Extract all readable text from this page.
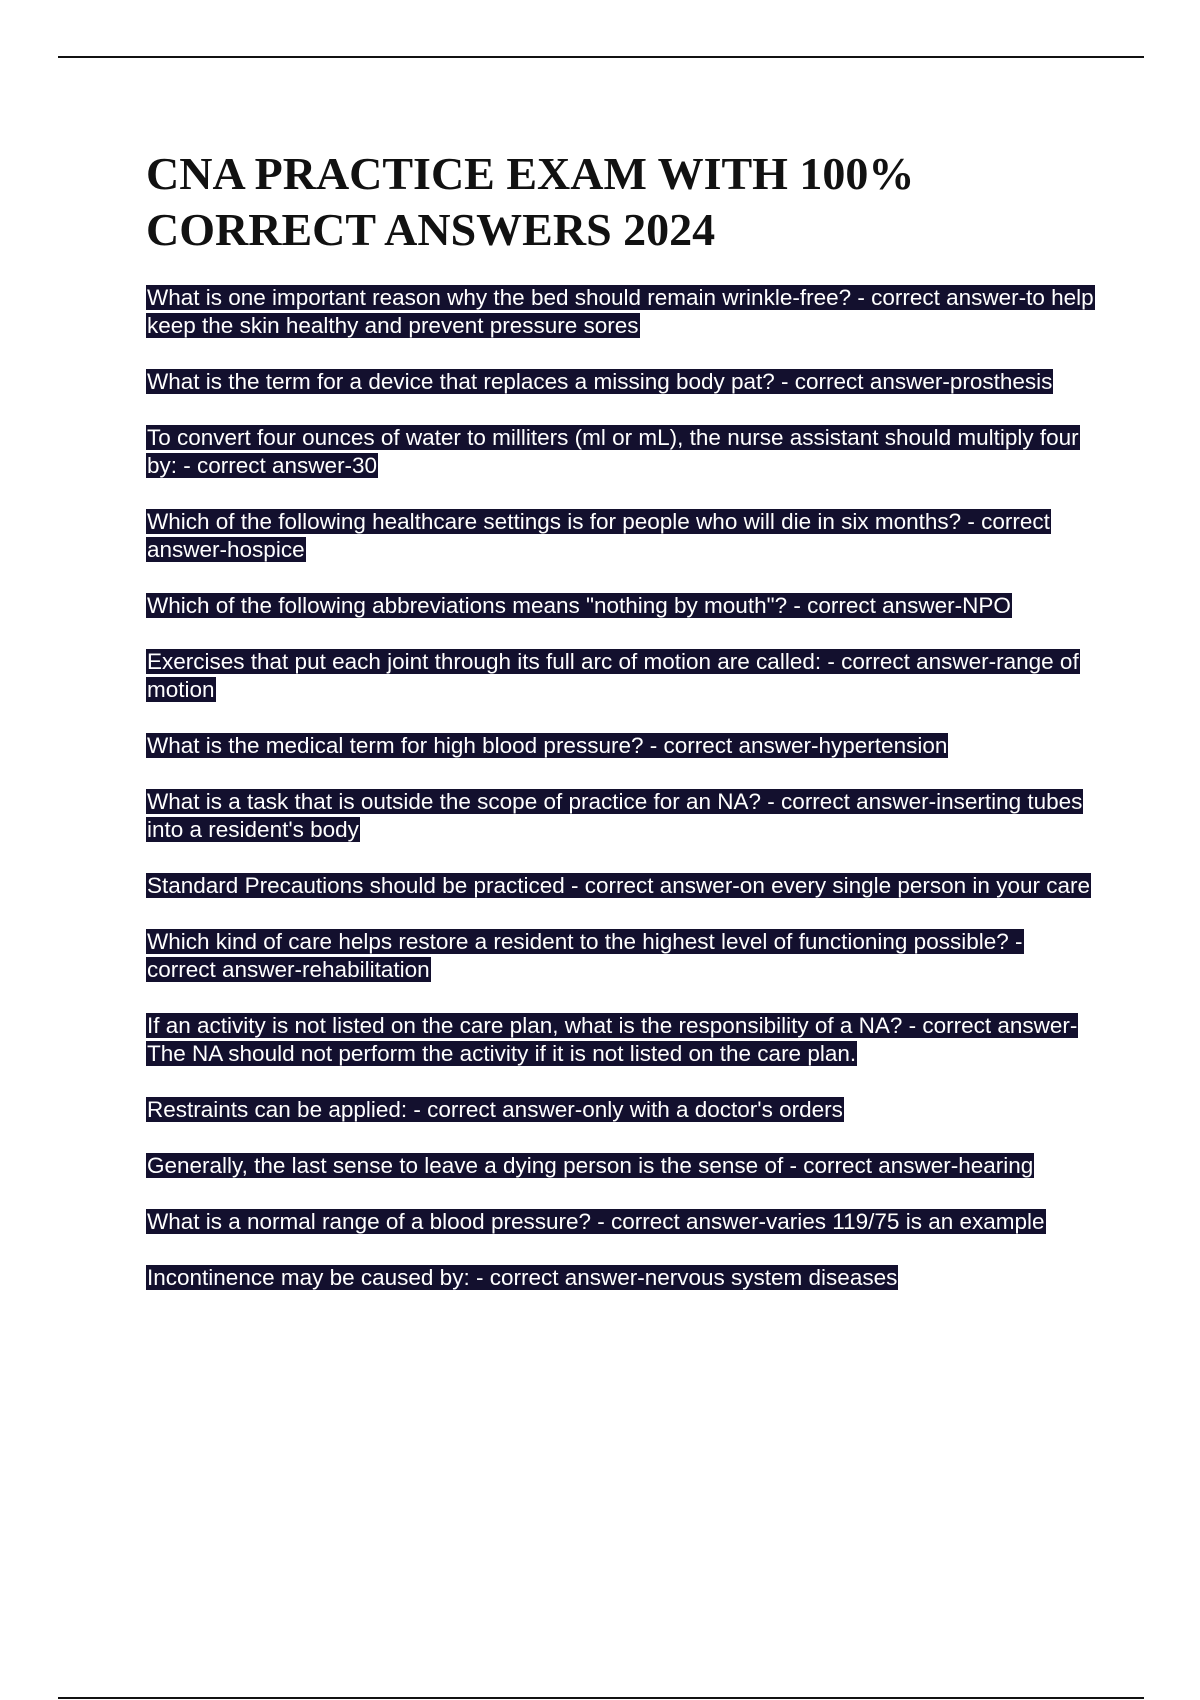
CNA PRACTICE EXAM WITH 100% CORRECT ANSWERS 2024
What is one important reason why the bed should remain wrinkle-free? - correct answer-to help keep the skin healthy and prevent pressure sores
What is the term for a device that replaces a missing body pat? - correct answer-prosthesis
To convert four ounces of water to milliters (ml or mL), the nurse assistant should multiply four by: - correct answer-30
Which of the following healthcare settings is for people who will die in six months? - correct answer-hospice
Which of the following abbreviations means "nothing by mouth"? - correct answer-NPO
Exercises that put each joint through its full arc of motion are called: - correct answer-range of motion
What is the medical term for high blood pressure? - correct answer-hypertension
What is a task that is outside the scope of practice for an NA? - correct answer-inserting tubes into a resident's body
Standard Precautions should be practiced - correct answer-on every single person in your care
Which kind of care helps restore a resident to the highest level of functioning possible? - correct answer-rehabilitation
If an activity is not listed on the care plan, what is the responsibility of a NA? - correct answer-The NA should not perform the activity if it is not listed on the care plan.
Restraints can be applied: - correct answer-only with a doctor's orders
Generally, the last sense to leave a dying person is the sense of - correct answer-hearing
What is a normal range of a blood pressure? - correct answer-varies 119/75 is an example
Incontinence may be caused by: - correct answer-nervous system diseases
